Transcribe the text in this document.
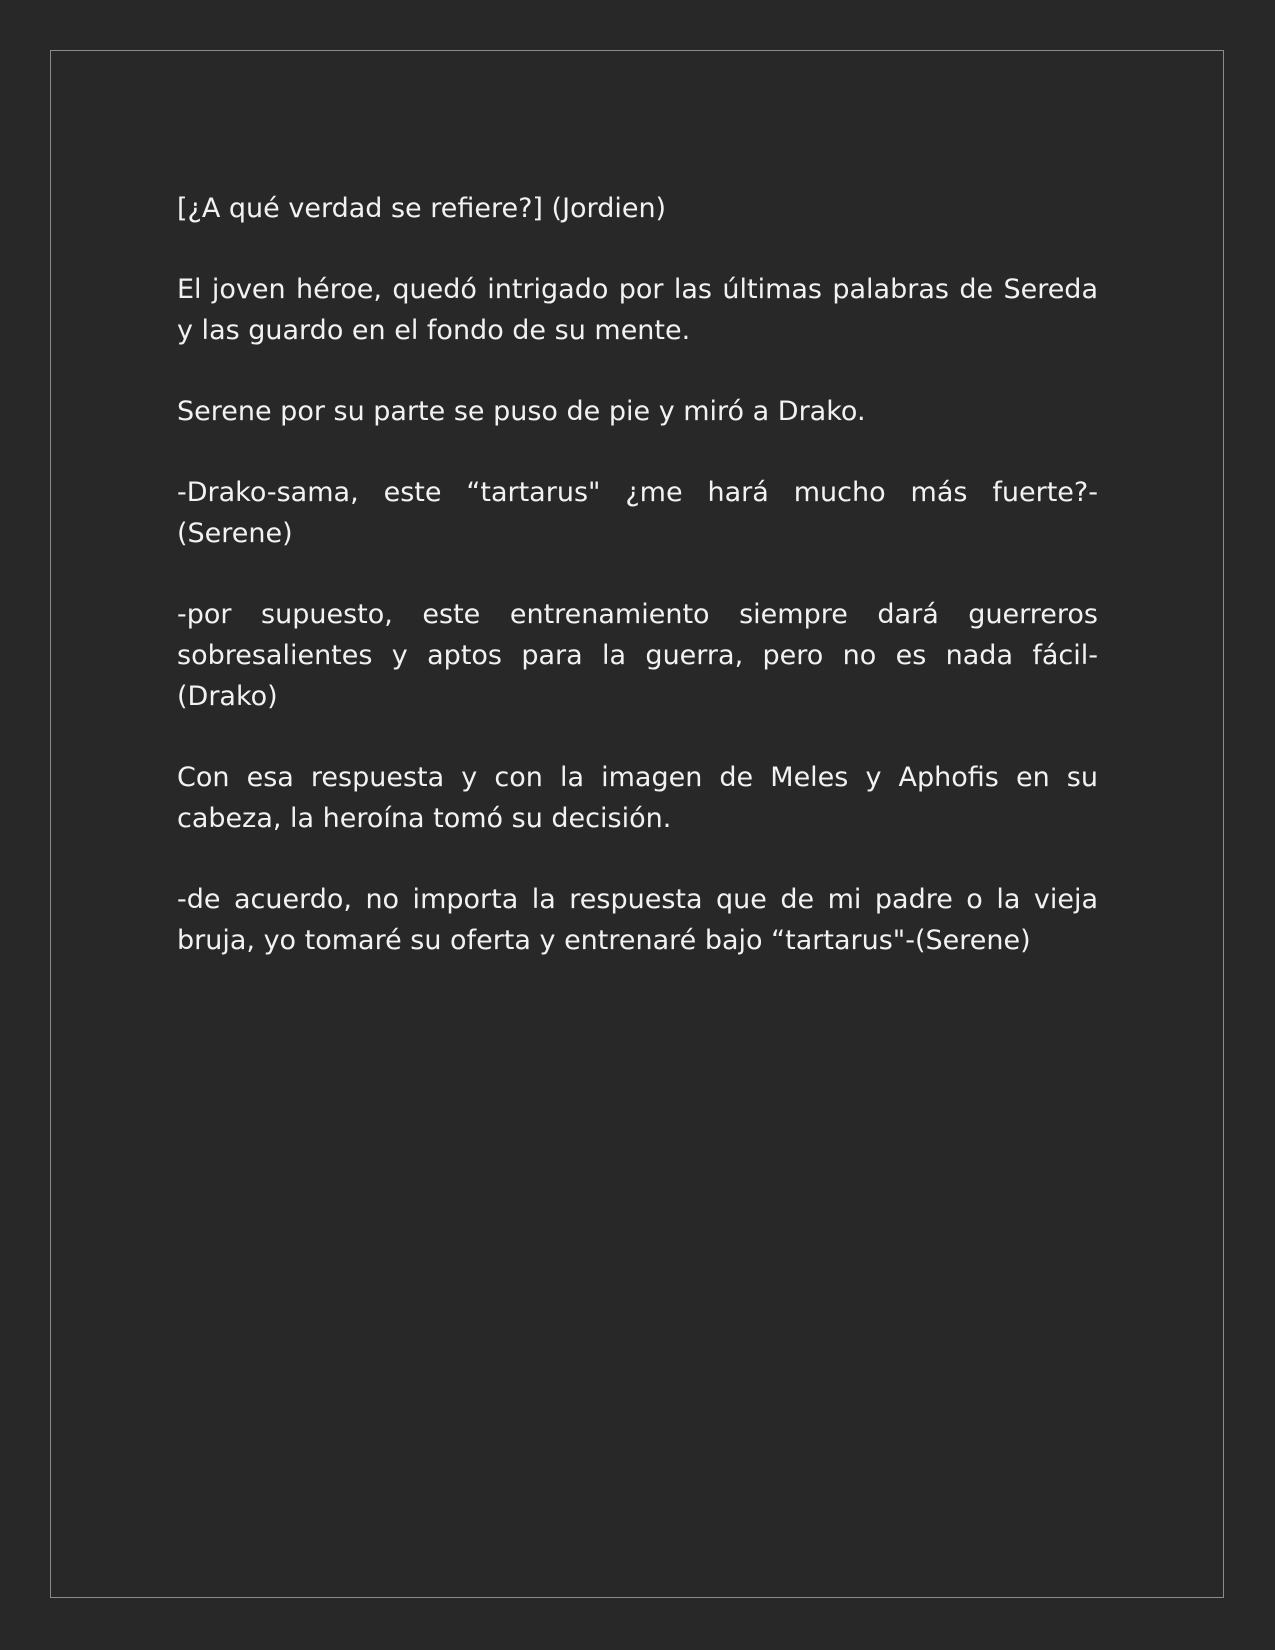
[¿A qué verdad se refiere?] (Jordien)

El joven héroe, quedó intrigado por las últimas palabras de Sereda y las guardo en el fondo de su mente.

Serene por su parte se puso de pie y miró a Drako.

-Drako-sama, este “tartarus" ¿me hará mucho más fuerte?- (Serene)

-por supuesto, este entrenamiento siempre dará guerreros sobresalientes y aptos para la guerra, pero no es nada fácil- (Drako)

Con esa respuesta y con la imagen de Meles y Aphofis en su cabeza, la heroína tomó su decisión.

-de acuerdo, no importa la respuesta que de mi padre o la vieja bruja, yo tomaré su oferta y entrenaré bajo “tartarus"-(Serene)
